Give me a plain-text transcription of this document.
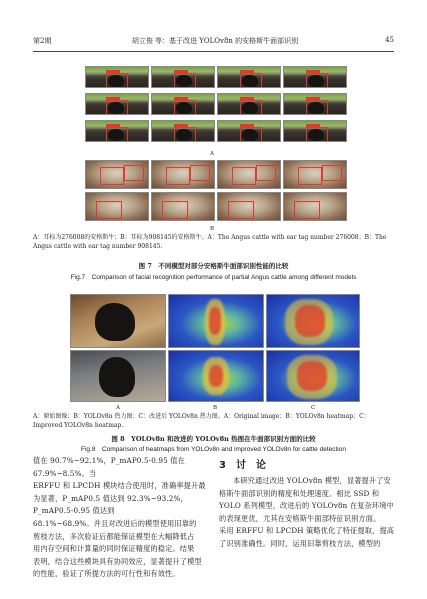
第2期	胡立俊 等：基于改进 YOLOv8n 的安格斯牛面部识别	45
A
B
A：耳标为276008的安格斯牛；B：耳标为908145的安格斯牛。A：The Angus cattle with ear tag number 276008；B：The Angus cattle with ear tag number 908145.
图 7　不同模型对部分安格斯牛面部识别性能的比较
Fig.7　Comparison of facial recognition performance of partial Angus cattle among different models
A	B	C
A：原始图像；B：YOLOv8n 热力图；C：改进后 YOLOv8n 热力图。A：Original image；B：YOLOv8n heatmap；C：Improved YOLOv8n heatmap.
图 8　YOLOv8n 和改进的 YOLOv8n 热图在牛面部识别方面的比较
Fig.8　Comparison of heatmaps from YOLOv8n and improved YOLOv8n for cattle detection
值在 90.7%~92.1%，P_mAP0.5-0.95 值在 67.9%~8.5%。当
ERFFU 和 LPCDH 模块结合使用时，准确率提升最
为显著，P_mAP0.5 值达到 92.3%~93.2%，P_mAP0.5-0.95 值达到
68.1%~68.9%。并且对改进后的模型使用旧靠的
剪枝方法，多次验证后都能保证模型在大幅降低占
用内存空间和计算量的同时保证精度的稳定。结果
表明，结合这些模块具有协同效应，显著提升了模型
的性能，验证了所提方法的可行性和有效性。
3　讨　论
本研究通过改进 YOLOv8n 模型，显著提升了安
格斯牛面部识别的精度和处理速度。相比 SSD 和
YOLO 系列模型，改进后的 YOLOv8n 在复杂环境中
的表现更优，尤其在安格斯牛面部特征识别方面。
采用 ERFFU 和 LPCDH 策略优化了特征提取，提高
了识别准确性。同时，运用旧靠剪枝方法，模型的
